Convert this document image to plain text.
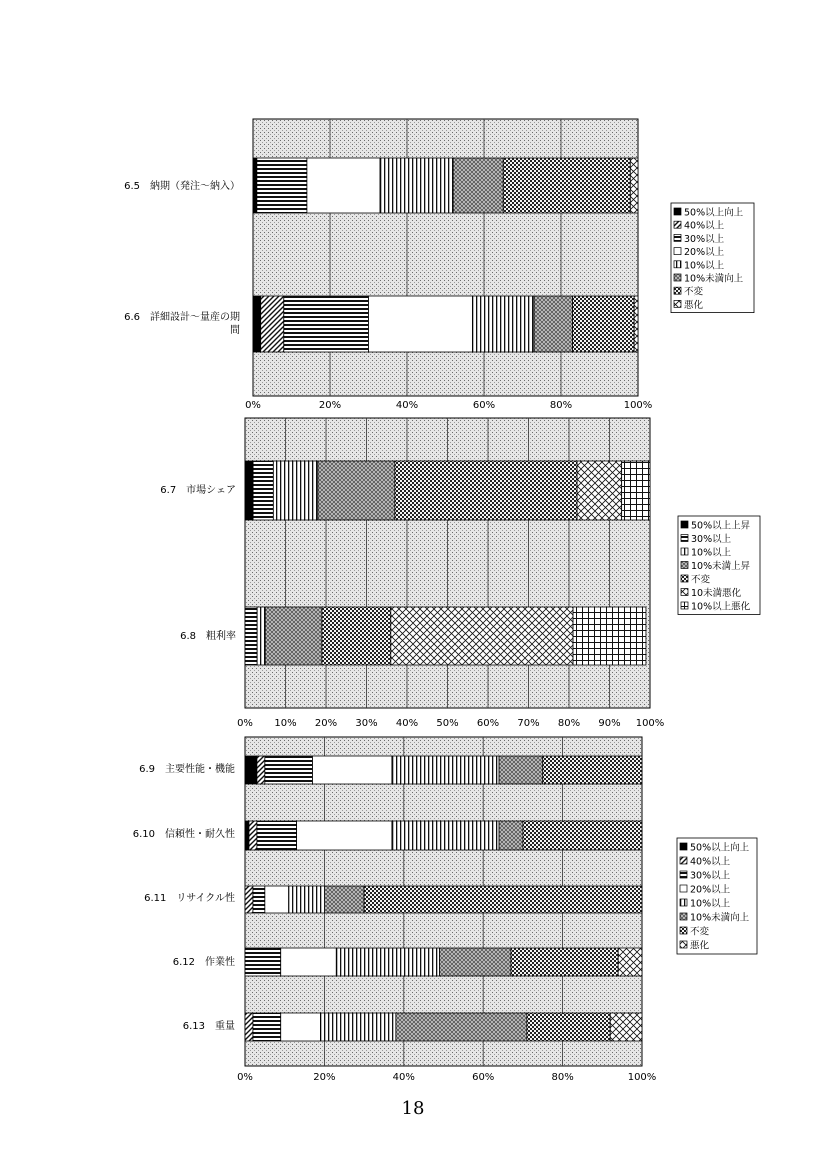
0%	20%	40%	60%	80%	100%
6.5　納期（発注～納入）
6.6　詳細設計～量産の期
間
50%以上向上
40%以上
30%以上
20%以上
10%以上
10%未満向上
不変
悪化
0% 10% 20% 30% 40% 50% 60% 70% 80% 90% 100%
6.7　市場シェア
6.8　粗利率
50%以上上昇
30%以上
10%以上
10%未満上昇
不変
10未満悪化
10%以上悪化
0%	20%	40%	60%	80%	100%
6.9　主要性能・機能
6.10　信頼性・耐久性
6.11　リサイクル性
6.12　作業性
6.13　重量
50%以上向上
40%以上
30%以上
20%以上
10%以上
10%未満向上
不変
悪化
18
